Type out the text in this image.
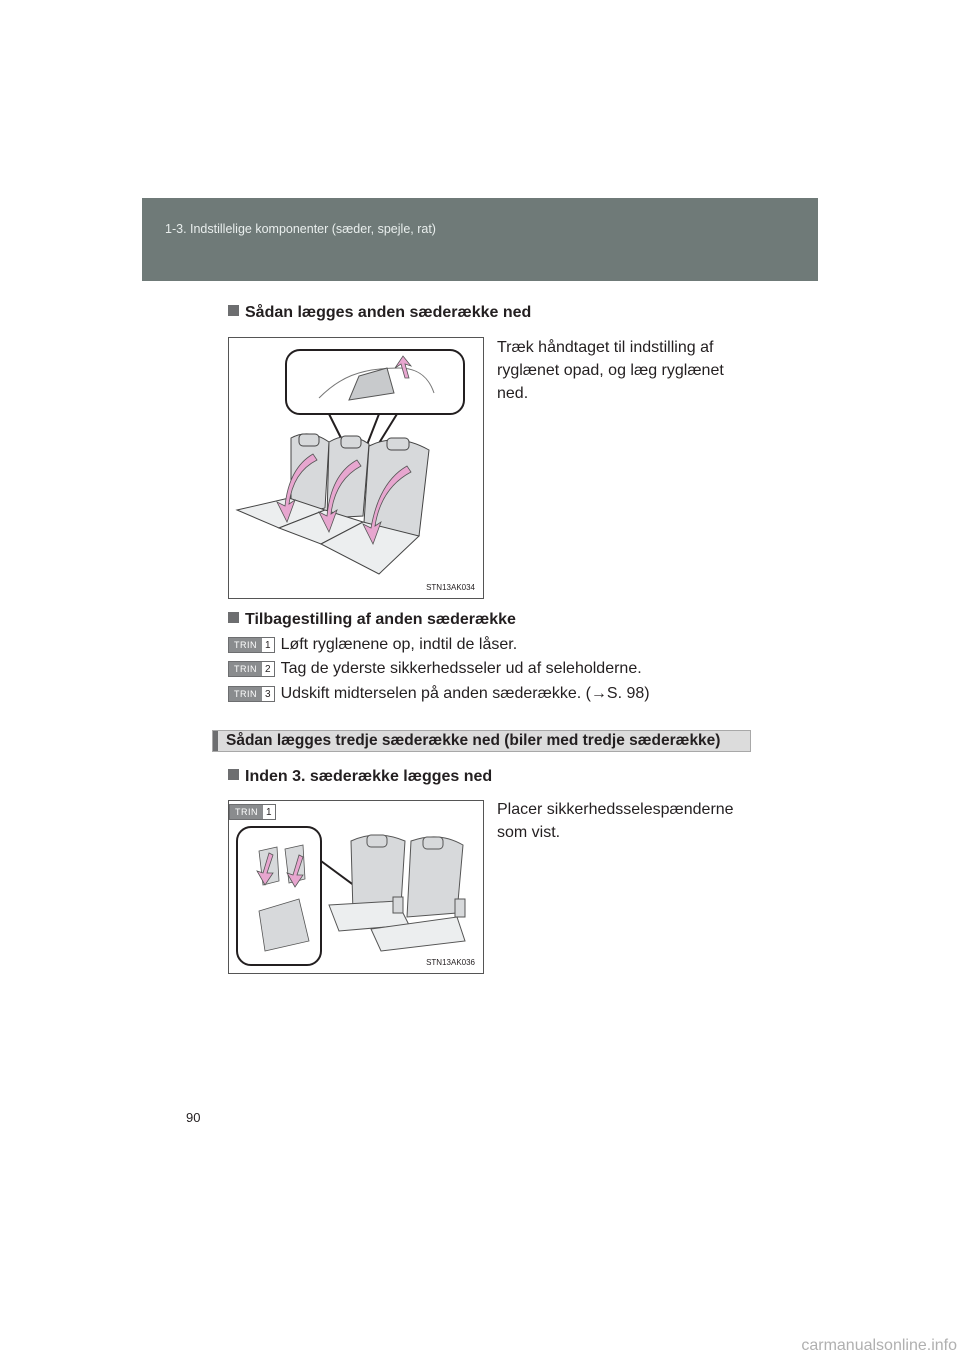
1-3. Indstillelige komponenter (sæder, spejle, rat)
Sådan lægges anden sæderække ned
STN13AK034
Træk håndtaget til indstilling af
ryglænet opad, og læg ryglænet
ned.
Tilbagestilling af anden sæderække
TRIN 1 Løft ryglænene op, indtil de låser.
TRIN 2 Tag de yderste sikkerhedsseler ud af seleholderne.
TRIN 3 Udskift midterselen på anden sæderække. (→S. 98)
Sådan lægges tredje sæderække ned (biler med tredje sæderække)
Inden 3. sæderække lægges ned
TRIN 1
STN13AK036
Placer sikkerhedsselespænderne
som vist.
90
carmanualsonline.info
